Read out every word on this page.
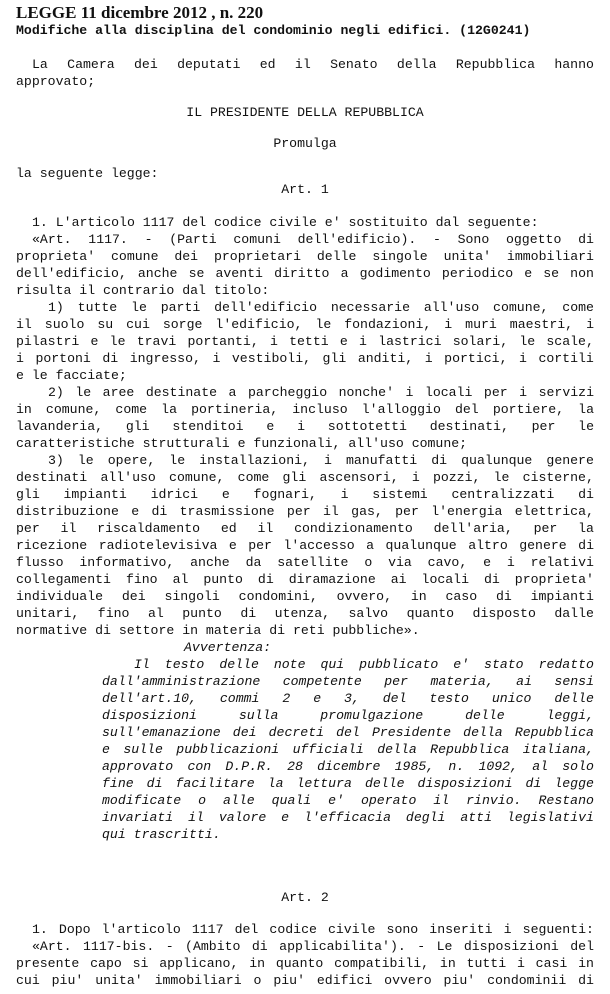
LEGGE 11 dicembre 2012 , n. 220
Modifiche alla disciplina del condominio negli edifici. (12G0241)
La Camera dei deputati ed il Senato della Repubblica hanno
approvato;
IL PRESIDENTE DELLA REPUBBLICA
Promulga
la seguente legge:
Art. 1
1. L'articolo 1117 del codice civile e' sostituito dal seguente:
«Art. 1117. - (Parti comuni dell'edificio). - Sono oggetto di
proprieta' comune dei proprietari delle singole unita' immobiliari
dell'edificio, anche se aventi diritto a godimento periodico e se non
risulta il contrario dal titolo:
1) tutte le parti dell'edificio necessarie all'uso comune, come
il suolo su cui sorge l'edificio, le fondazioni, i muri maestri, i
pilastri e le travi portanti, i tetti e i lastrici solari, le scale,
i portoni di ingresso, i vestiboli, gli anditi, i portici, i cortili
e le facciate;
2) le aree destinate a parcheggio nonche' i locali per i servizi
in comune, come la portineria, incluso l'alloggio del portiere, la
lavanderia, gli stenditoi e i sottotetti destinati, per le
caratteristiche strutturali e funzionali, all'uso comune;
3) le opere, le installazioni, i manufatti di qualunque genere
destinati all'uso comune, come gli ascensori, i pozzi, le cisterne,
gli impianti idrici e fognari, i sistemi centralizzati di
distribuzione e di trasmissione per il gas, per l'energia elettrica,
per il riscaldamento ed il condizionamento dell'aria, per la
ricezione radiotelevisiva e per l'accesso a qualunque altro genere di
flusso informativo, anche da satellite o via cavo, e i relativi
collegamenti fino al punto di diramazione ai locali di proprieta'
individuale dei singoli condomini, ovvero, in caso di impianti
unitari, fino al punto di utenza, salvo quanto disposto dalle
normative di settore in materia di reti pubbliche».
Avvertenza:
Il testo delle note qui pubblicato e' stato redatto
dall'amministrazione competente per materia, ai sensi
dell'art.10, commi 2 e 3, del testo unico delle
disposizioni	sulla	promulgazione	delle	leggi,
sull'emanazione dei decreti del Presidente della Repubblica
e sulle pubblicazioni ufficiali della Repubblica italiana,
approvato con D.P.R. 28 dicembre 1985, n. 1092, al solo
fine di facilitare la lettura delle disposizioni di legge
modificate o alle quali e' operato il rinvio. Restano
invariati il valore e l'efficacia degli atti legislativi
qui trascritti.
Art. 2
1. Dopo l'articolo 1117 del codice civile sono inseriti i seguenti:
«Art. 1117-bis. - (Ambito di applicabilita'). - Le disposizioni del
presente capo si applicano, in quanto compatibili, in tutti i casi in
cui piu' unita' immobiliari o piu' edifici ovvero piu' condominii di
